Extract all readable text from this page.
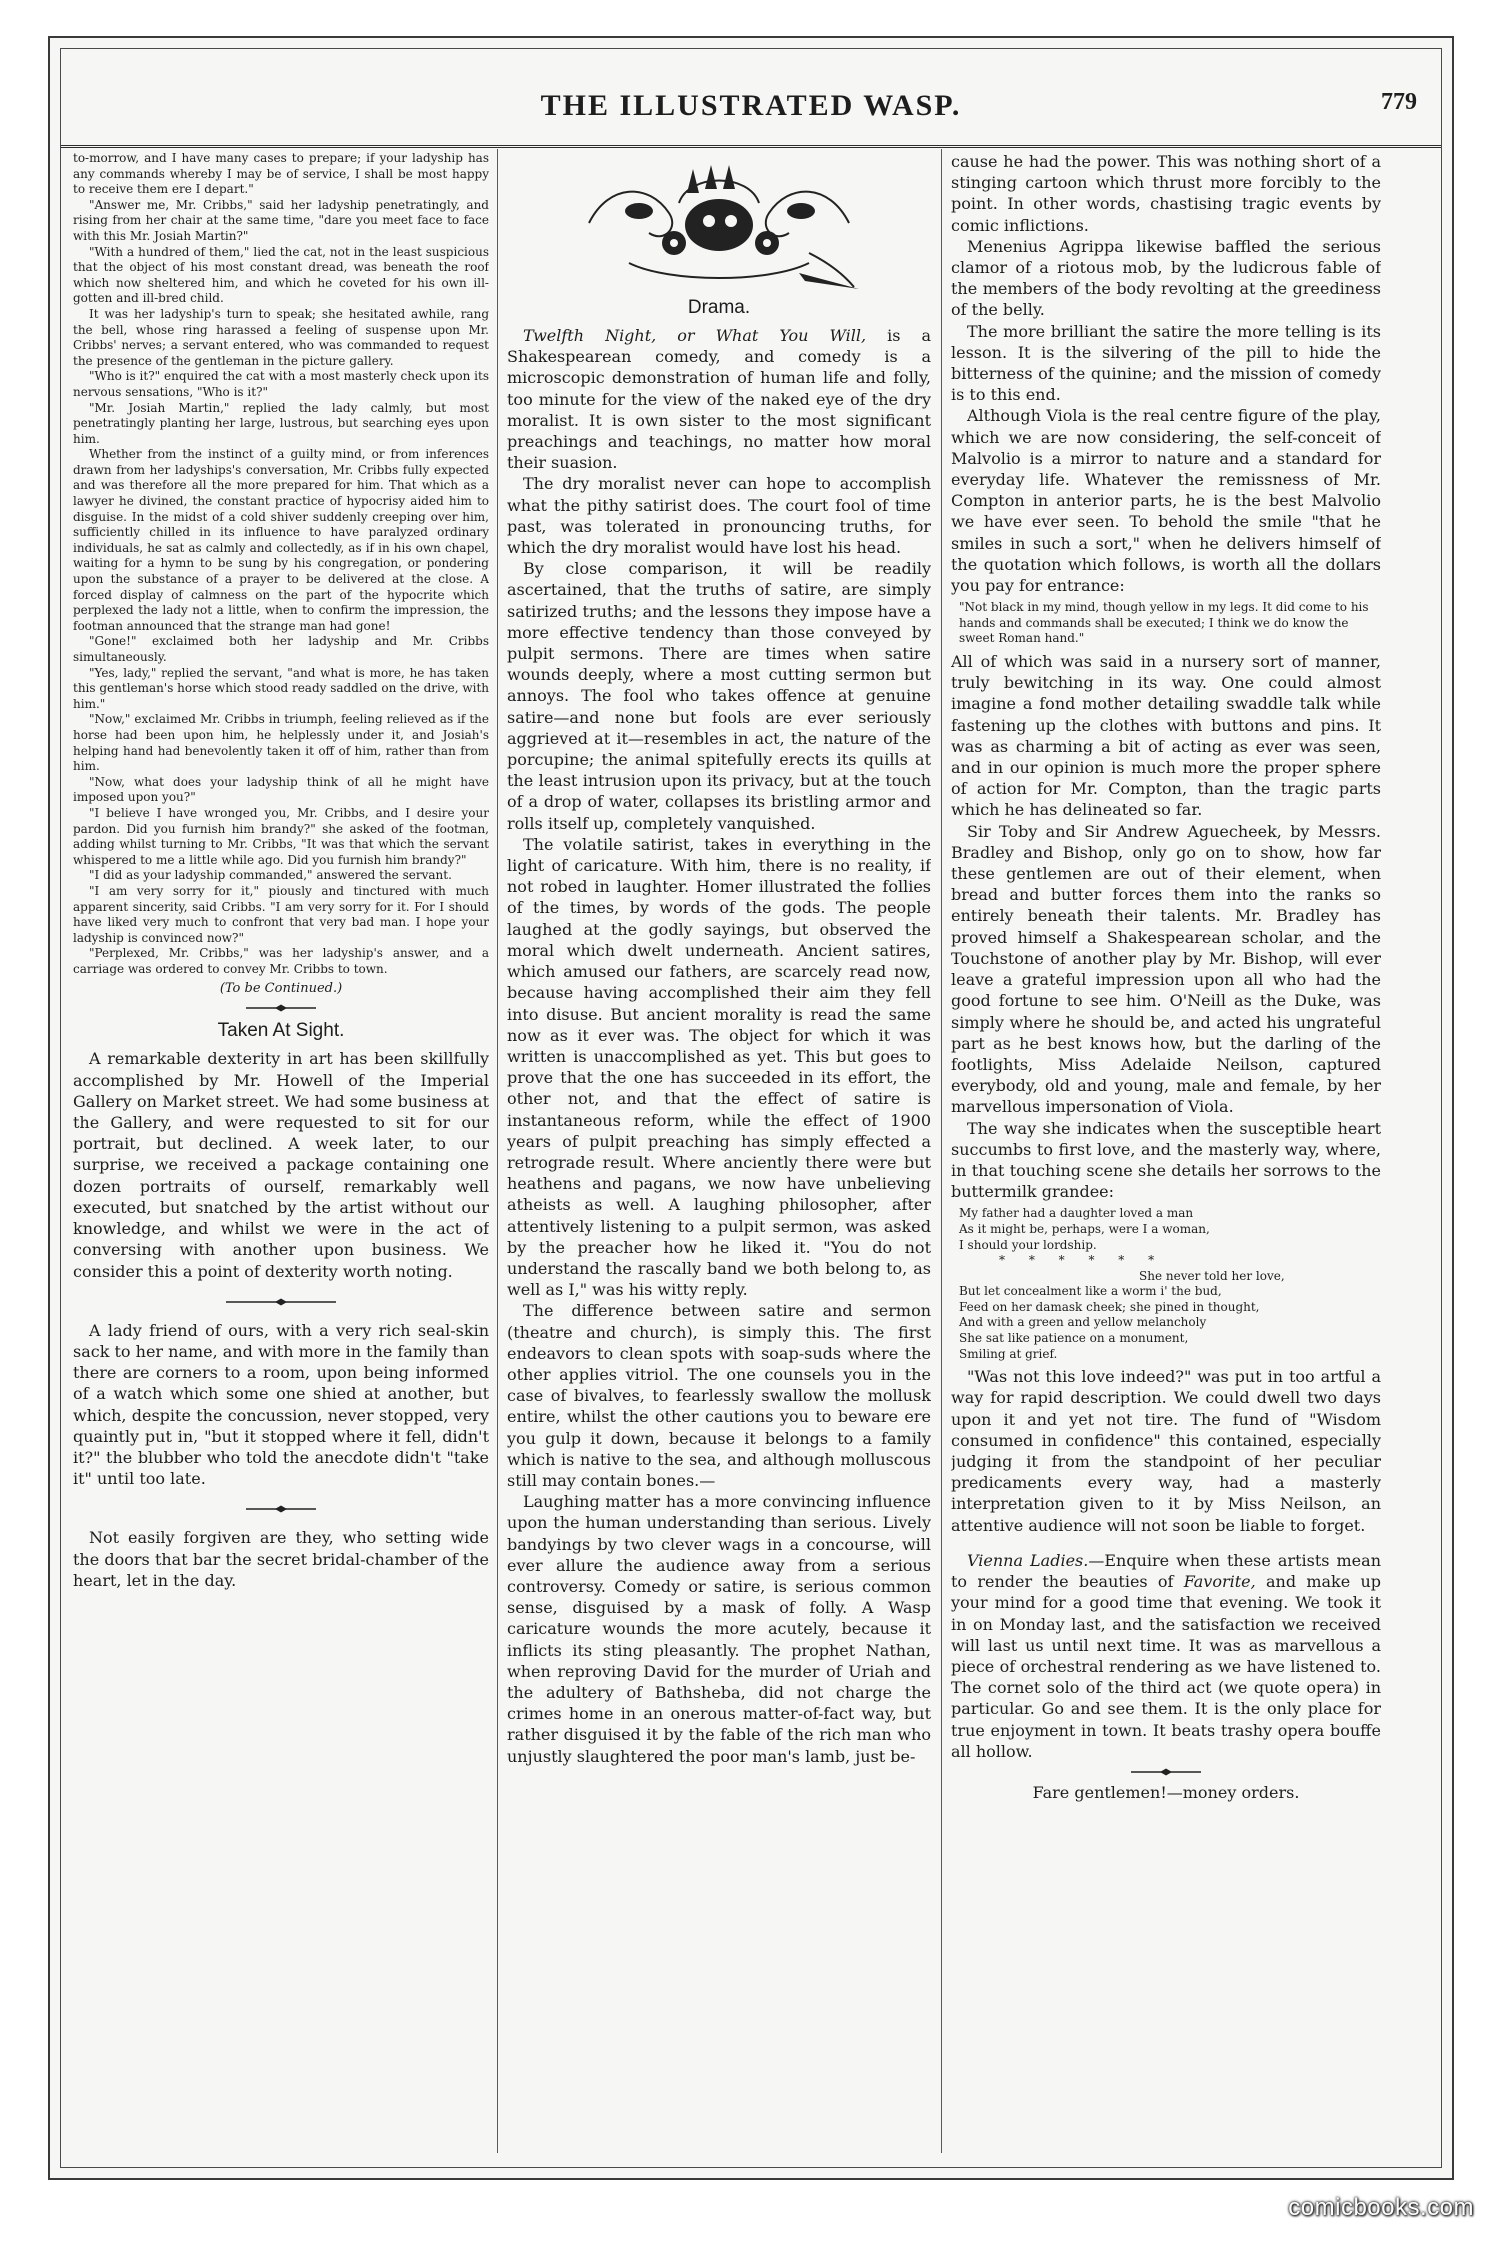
THE ILLUSTRATED WASP.	779

to-morrow, and I have many cases to prepare; if your ladyship has any commands whereby I may be of service, I shall be most happy to receive them ere I depart."

"Answer me, Mr. Cribbs," said her ladyship penetratingly, and rising from her chair at the same time, "dare you meet face to face with this Mr. Josiah Martin?"

"With a hundred of them," lied the cat, not in the least suspicious that the object of his most constant dread, was beneath the roof which now sheltered him, and which he coveted for his own ill-gotten and ill-bred child.

It was her ladyship's turn to speak; she hesitated awhile, rang the bell, whose ring harassed a feeling of suspense upon Mr. Cribbs' nerves; a servant entered, who was commanded to request the presence of the gentleman in the picture gallery.

"Who is it?" enquired the cat with a most masterly check upon its nervous sensations, "Who is it?"

"Mr. Josiah Martin," replied the lady calmly, but most penetratingly planting her large, lustrous, but searching eyes upon him.

Whether from the instinct of a guilty mind, or from inferences drawn from her ladyships's conversation, Mr. Cribbs fully expected and was therefore all the more prepared for him. That which as a lawyer he divined, the constant practice of hypocrisy aided him to disguise. In the midst of a cold shiver suddenly creeping over him, sufficiently chilled in its influence to have paralyzed ordinary individuals, he sat as calmly and collectedly, as if in his own chapel, waiting for a hymn to be sung by his congregation, or pondering upon the substance of a prayer to be delivered at the close. A forced display of calmness on the part of the hypocrite which perplexed the lady not a little, when to confirm the impression, the footman announced that the strange man had gone!

"Gone!" exclaimed both her ladyship and Mr. Cribbs simultaneously.

"Yes, lady," replied the servant, "and what is more, he has taken this gentleman's horse which stood ready saddled on the drive, with him."

"Now," exclaimed Mr. Cribbs in triumph, feeling relieved as if the horse had been upon him, he helplessly under it, and Josiah's helping hand had benevolently taken it off of him, rather than from him.

"Now, what does your ladyship think of all he might have imposed upon you?"

"I believe I have wronged you, Mr. Cribbs, and I desire your pardon. Did you furnish him brandy?" she asked of the footman, adding whilst turning to Mr. Cribbs, "It was that which the servant whispered to me a little while ago. Did you furnish him brandy?"

"I did as your ladyship commanded," answered the servant.

"I am very sorry for it," piously and tinctured with much apparent sincerity, said Cribbs. "I am very sorry for it. For I should have liked very much to confront that very bad man. I hope your ladyship is convinced now?"

"Perplexed, Mr. Cribbs," was her ladyship's answer, and a carriage was ordered to convey Mr. Cribbs to town.

(To be Continued.)
Taken At Sight.

A remarkable dexterity in art has been skillfully accomplished by Mr. Howell of the Imperial Gallery on Market street. We had some business at the Gallery, and were requested to sit for our portrait, but declined. A week later, to our surprise, we received a package containing one dozen portraits of ourself, remarkably well executed, but snatched by the artist without our knowledge, and whilst we were in the act of conversing with another upon business. We consider this a point of dexterity worth noting.

A lady friend of ours, with a very rich seal-skin sack to her name, and with more in the family than there are corners to a room, upon being informed of a watch which some one shied at another, but which, despite the concussion, never stopped, very quaintly put in, "but it stopped where it fell, didn't it?" the blubber who told the anecdote didn't "take it" until too late.

Not easily forgiven are they, who setting wide the doors that bar the secret bridal-chamber of the heart, let in the day.

Drama.

Twelfth Night, or What You Will, is a Shakespearean comedy, and comedy is a microscopic demonstration of human life and folly, too minute for the view of the naked eye of the dry moralist. It is own sister to the most significant preachings and teachings, no matter how moral their suasion.

The dry moralist never can hope to accomplish what the pithy satirist does. The court fool of time past, was tolerated in pronouncing truths, for which the dry moralist would have lost his head.

By close comparison, it will be readily ascertained, that the truths of satire, are simply satirized truths; and the lessons they impose have a more effective tendency than those conveyed by pulpit sermons. There are times when satire wounds deeply, where a most cutting sermon but annoys. The fool who takes offence at genuine satire—and none but fools are ever seriously aggrieved at it—resembles in act, the nature of the porcupine; the animal spitefully erects its quills at the least intrusion upon its privacy, but at the touch of a drop of water, collapses its bristling armor and rolls itself up, completely vanquished.

The volatile satirist, takes in everything in the light of caricature. With him, there is no reality, if not robed in laughter. Homer illustrated the follies of the times, by words of the gods. The people laughed at the godly sayings, but observed the moral which dwelt underneath. Ancient satires, which amused our fathers, are scarcely read now, because having accomplished their aim they fell into disuse. But ancient morality is read the same now as it ever was. The object for which it was written is unaccomplished as yet. This but goes to prove that the one has succeeded in its effort, the other not, and that the effect of satire is instantaneous reform, while the effect of 1900 years of pulpit preaching has simply effected a retrograde result. Where anciently there were but heathens and pagans, we now have unbelieving atheists as well. A laughing philosopher, after attentively listening to a pulpit sermon, was asked by the preacher how he liked it. "You do not understand the rascally band we both belong to, as well as I," was his witty reply.

The difference between satire and sermon (theatre and church), is simply this. The first endeavors to clean spots with soap-suds where the other applies vitriol. The one counsels you in the case of bivalves, to fearlessly swallow the mollusk entire, whilst the other cautions you to beware ere you gulp it down, because it belongs to a family which is native to the sea, and although molluscous still may contain bones.—

Laughing matter has a more convincing influence upon the human understanding than serious. Lively bandyings by two clever wags in a concourse, will ever allure the audience away from a serious controversy. Comedy or satire, is serious common sense, disguised by a mask of folly. A Wasp caricature wounds the more acutely, because it inflicts its sting pleasantly. The prophet Nathan, when reproving David for the murder of Uriah and the adultery of Bathsheba, did not charge the crimes home in an onerous matter-of-fact way, but rather disguised it by the fable of the rich man who unjustly slaughtered the poor man's lamb, just be-

cause he had the power. This was nothing short of a stinging cartoon which thrust more forcibly to the point. In other words, chastising tragic events by comic inflictions.

Menenius Agrippa likewise baffled the serious clamor of a riotous mob, by the ludicrous fable of the members of the body revolting at the greediness of the belly.

The more brilliant the satire the more telling is its lesson. It is the silvering of the pill to hide the bitterness of the quinine; and the mission of comedy is to this end.

Although Viola is the real centre figure of the play, which we are now considering, the self-conceit of Malvolio is a mirror to nature and a standard for everyday life. Whatever the remissness of Mr. Compton in anterior parts, he is the best Malvolio we have ever seen. To behold the smile "that he smiles in such a sort," when he delivers himself of the quotation which follows, is worth all the dollars you pay for entrance:

"Not black in my mind, though yellow in my legs. It did come to his hands and commands shall be executed; I think we do know the sweet Roman hand."

All of which was said in a nursery sort of manner, truly bewitching in its way. One could almost imagine a fond mother detailing swaddle talk while fastening up the clothes with buttons and pins. It was as charming a bit of acting as ever was seen, and in our opinion is much more the proper sphere of action for Mr. Compton, than the tragic parts which he has delineated so far.

Sir Toby and Sir Andrew Aguecheek, by Messrs. Bradley and Bishop, only go on to show, how far these gentlemen are out of their element, when bread and butter forces them into the ranks so entirely beneath their talents. Mr. Bradley has proved himself a Shakespearean scholar, and the Touchstone of another play by Mr. Bishop, will ever leave a grateful impression upon all who had the good fortune to see him. O'Neill as the Duke, was simply where he should be, and acted his ungrateful part as he best knows how, but the darling of the footlights, Miss Adelaide Neilson, captured everybody, old and young, male and female, by her marvellous impersonation of Viola.

The way she indicates when the susceptible heart succumbs to first love, and the masterly way, where, in that touching scene she details her sorrows to the buttermilk grandee:

My father had a daughter loved a man
As it might be, perhaps, were I a woman,
I should your lordship.
* * * * * *
She never told her love,
But let concealment like a worm i' the bud,
Feed on her damask cheek; she pined in thought,
And with a green and yellow melancholy
She sat like patience on a monument,
Smiling at grief.

"Was not this love indeed?" was put in too artful a way for rapid description. We could dwell two days upon it and yet not tire. The fund of "Wisdom consumed in confidence" this contained, especially judging it from the standpoint of her peculiar predicaments every way, had a masterly interpretation given to it by Miss Neilson, an attentive audience will not soon be liable to forget.

Vienna Ladies.—Enquire when these artists mean to render the beauties of Favorite, and make up your mind for a good time that evening. We took it in on Monday last, and the satisfaction we received will last us until next time. It was as marvellous a piece of orchestral rendering as we have listened to. The cornet solo of the third act (we quote opera) in particular. Go and see them. It is the only place for true enjoyment in town. It beats trashy opera bouffe all hollow.

Fare gentlemen!—money orders.
comicbooks.com
